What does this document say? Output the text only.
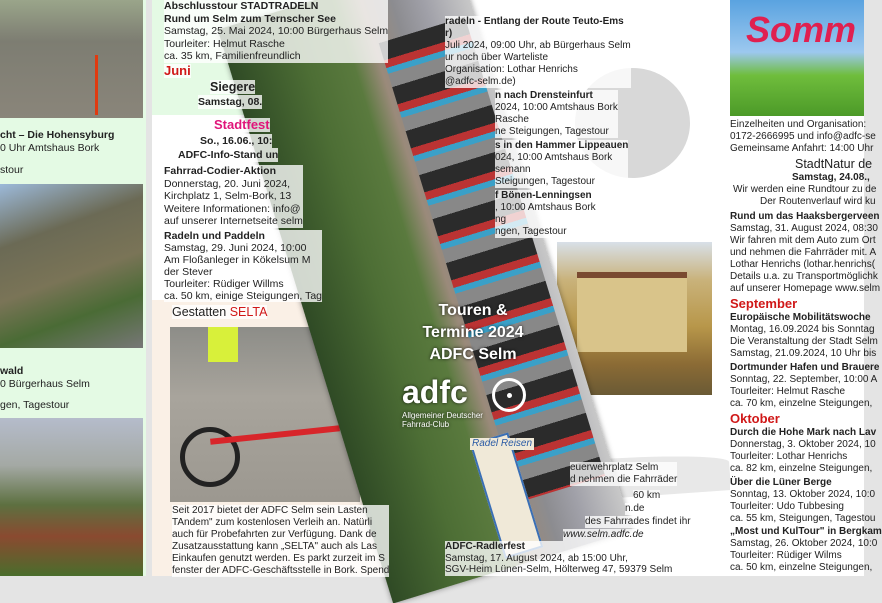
cht – Die Hohensyburg
0 Uhr Amtshaus Bork
stour
wald
0 Bürgerhaus Selm
gen, Tagestour
Abschlusstour STADTRADELN
Rund um Selm zum Ternscher See
Samstag, 25. Mai 2024, 10:00 Bürgerhaus Selm
Tourleiter: Helmut Rasche
ca. 35 km, Familienfreundlich
Juni
Siegere
Samstag, 08.
Stadtfest
So., 16.06., 10:
ADFC-Info-Stand un
Fahrrad-Codier-Aktion
Donnerstag, 20. Juni 2024,
Kirchplatz 1, Selm-Bork, 13
Weitere Informationen: info@
auf unserer Internetseite selm
Radeln und Paddeln
Samstag, 29. Juni 2024, 10:00
Am Floßanleger in Kökelsum M
der Stever
Tourleiter: Rüdiger Willms
ca. 50 km, einige Steigungen, Tag
Gestatten SELTA
Seit 2017 bietet der ADFC Selm sein Lasten
TAndem" zum kostenlosen Verleih an. Natürli
auch für Probefahrten zur Verfügung. Dank de
Zusatzausstattung kann „SELTA" auch als Las
Einkaufen genutzt werden. Es parkt zurzeit im S
fenster der ADFC-Geschäftsstelle in Bork. Spend
radeln - Entlang der Route Teuto-Ems
r)
Juli 2024, 09:00 Uhr, ab Bürgerhaus Selm
ur noch über Warteliste
Organisation: Lothar Henrichs
@adfc-selm.de)
n nach Drensteinfurt
2024, 10:00 Amtshaus Bork
Rasche
ne Steigungen, Tagestour
s in den Hammer Lippeauen
024, 10:00 Amtshaus Bork
semann
Steigungen, Tagestour
f Bönen-Lenningsen
, 10:00 Amtshaus Bork
ng
ngen, Tagestour
euerwehrplatz Selm
d nehmen die Fahrräder
60 km
n.de
des Fahrrades findet ihr
www.selm.adfc.de
ADFC-Radlerfest
Samstag, 17. August 2024, ab 15:00 Uhr,
SGV-Heim Lünen-Selm, Hölterweg 47, 59379 Selm
Somm
Einzelheiten und Organisation:
0172-2666995 und info@adfc-se
Gemeinsame Anfahrt: 14:00 Uhr
StadtNatur de
Samstag, 24.08.,
Wir werden eine Rundtour zu de
Der Routenverlauf wird ku
Rund um das Haaksbergerveen
Samstag, 31. August 2024, 08:30
Wir fahren mit dem Auto zum Ort
und nehmen die Fahrräder mit. A
Lothar Henrichs (lothar.henrichs(
Details u.a. zu Transportmöglichk
auf unserer Homepage www.selm
September
Europäische Mobilitätswoche
Montag, 16.09.2024 bis Sonntag
Die Veranstaltung der Stadt Selm
Samstag, 21.09.2024, 10 Uhr bis
Dortmunder Hafen und Brauere
Sonntag, 22. September, 10:00 A
Tourleiter: Helmut Rasche
ca. 70 km, einzelne Steigungen,
Oktober
Durch die Hohe Mark nach Lav
Donnerstag, 3. Oktober 2024, 10
Tourleiter: Lothar Henrichs
ca. 82 km, einzelne Steigungen,
Über die Lüner Berge
Sonntag, 13. Oktober 2024, 10:0
Tourleiter: Udo Tubbesing
ca. 55 km, Steigungen, Tagestou
„Most und KulTour" in Bergkam
Samstag, 26. Oktober 2024, 10:0
Tourleiter: Rüdiger Wilms
ca. 50 km, einzelne Steigungen,
Touren &
Termine 2024
ADFC Selm
adfc
Allgemeiner Deutscher
Fahrrad-Club
Radel Reisen
